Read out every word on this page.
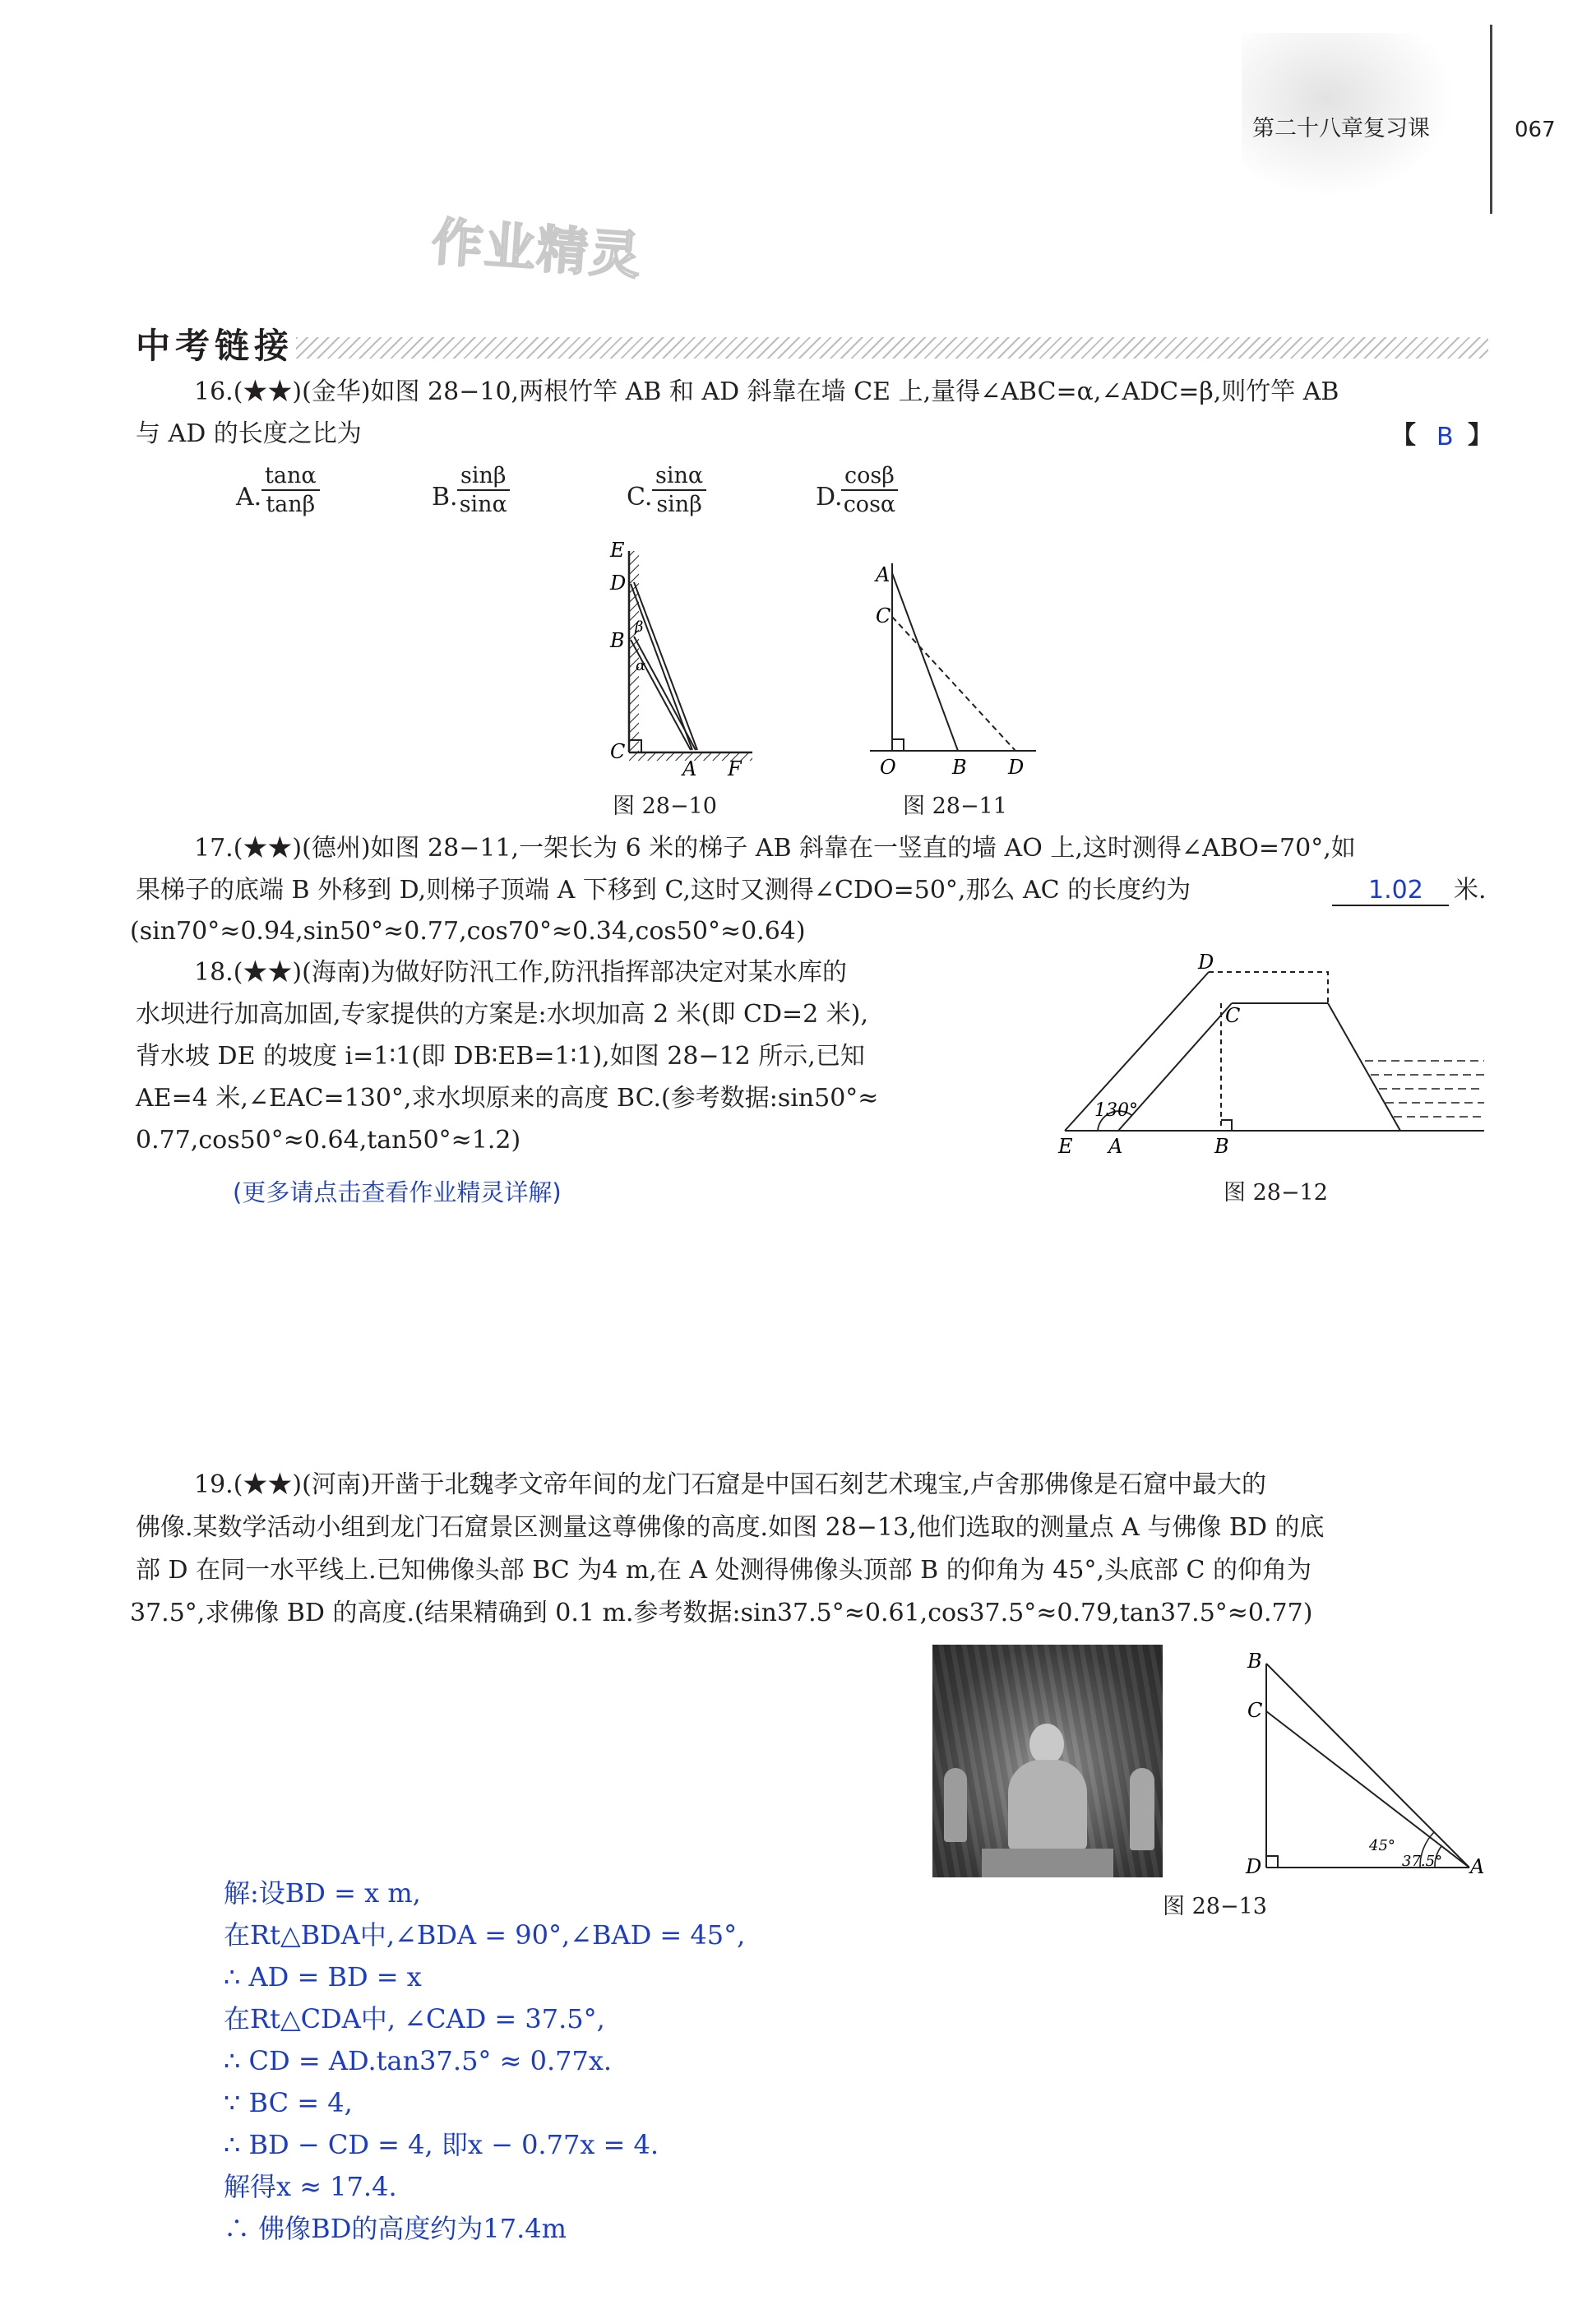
第二十八章复习课	067
作业精灵
中考链接
16.(★★)(金华)如图 28−10,两根竹竿 AB 和 AD 斜靠在墙 CE 上,量得∠ABC=α,∠ADC=β,则竹竿 AB
与 AD 的长度之比为	【 B 】
A. $\frac{\tan\alpha}{\tan\beta}$	B. $\frac{\sin\beta}{\sin\alpha}$	C. $\frac{\sin\alpha}{\sin\beta}$	D.
$\frac{\cos\beta}{\cos\alpha}$
E
D
B
β
α
C
A F
图 28−10
A
C
O	B D
图 28−11
17.(★★)(德州)如图 28−11,一架长为 6 米的梯子 AB 斜靠在一竖直的墙 AO 上,这时测得∠ABO=70°,如
果梯子的底端 B 外移到 D,则梯子顶端 A 下移到 C,这时又测得∠CDO=50°,那么 AC 的长度约为	1.02 米.
(sin70°≈0.94,sin50°≈0.77,cos70°≈0.34,cos50°≈0.64)
18.(★★)(海南)为做好防汛工作,防汛指挥部决定对某水库的
水坝进行加高加固,专家提供的方案是:水坝加高 2 米(即 CD=2 米),
背水坡 DE 的坡度 i=1∶1(即 DB∶EB=1∶1),如图 28−12 所示,已知
AE=4 米,∠EAC=130°,求水坝原来的高度 BC.(参考数据:sin50°≈
0.77,cos50°≈0.64,tan50°≈1.2)
(更多请点击查看作业精灵详解)
D
C
130°
E A	B
图 28−12
19.(★★)(河南)开凿于北魏孝文帝年间的龙门石窟是中国石刻艺术瑰宝,卢舍那佛像是石窟中最大的
佛像.某数学活动小组到龙门石窟景区测量这尊佛像的高度.如图 28−13,他们选取的测量点 A 与佛像 BD 的底
部 D 在同一水平线上.已知佛像头部 BC 为4 m,在 A 处测得佛像头顶部 B 的仰角为 45°,头底部 C 的仰角为
37.5°,求佛像 BD 的高度.(结果精确到 0.1 m.参考数据:sin37.5°≈0.61,cos37.5°≈0.79,tan37.5°≈0.77)
B
C
D	A
45°
37.5°
图 28−13
解:设BD = x m,
在Rt△BDA中,∠BDA = 90°,∠BAD = 45°,
∴ AD = BD = x
在Rt△CDA中, ∠CAD = 37.5°,
∴ CD = AD.tan37.5° ≈ 0.77x.
∵ BC = 4,
∴ BD − CD = 4, 即x − 0.77x = 4.
解得x ≈ 17.4.
∴ 佛像BD的高度约为17.4m
